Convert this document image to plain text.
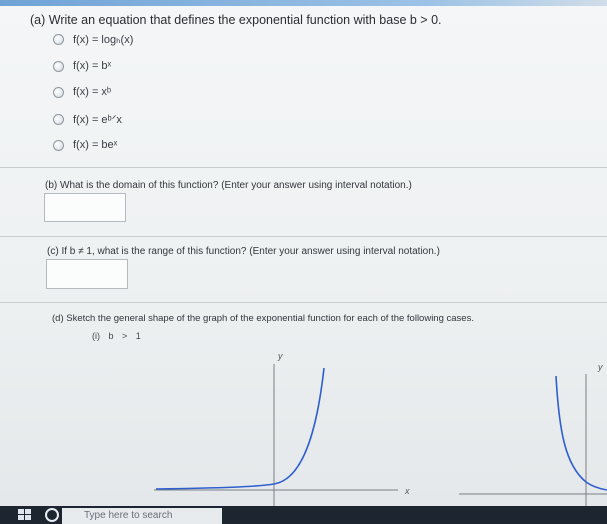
(a) Write an equation that defines the exponential function with base b > 0.
f(x) = logₕ(x)
f(x) = bˣ
f(x) = xᵇ
f(x) = eᵇᐟx
f(x) = beˣ
(b) What is the domain of this function? (Enter your answer using interval notation.)
(c) If b ≠ 1, what is the range of this function? (Enter your answer using interval notation.)
(d) Sketch the general shape of the graph of the exponential function for each of the following cases.
(i) b > 1
y
x
y
Type here to search
